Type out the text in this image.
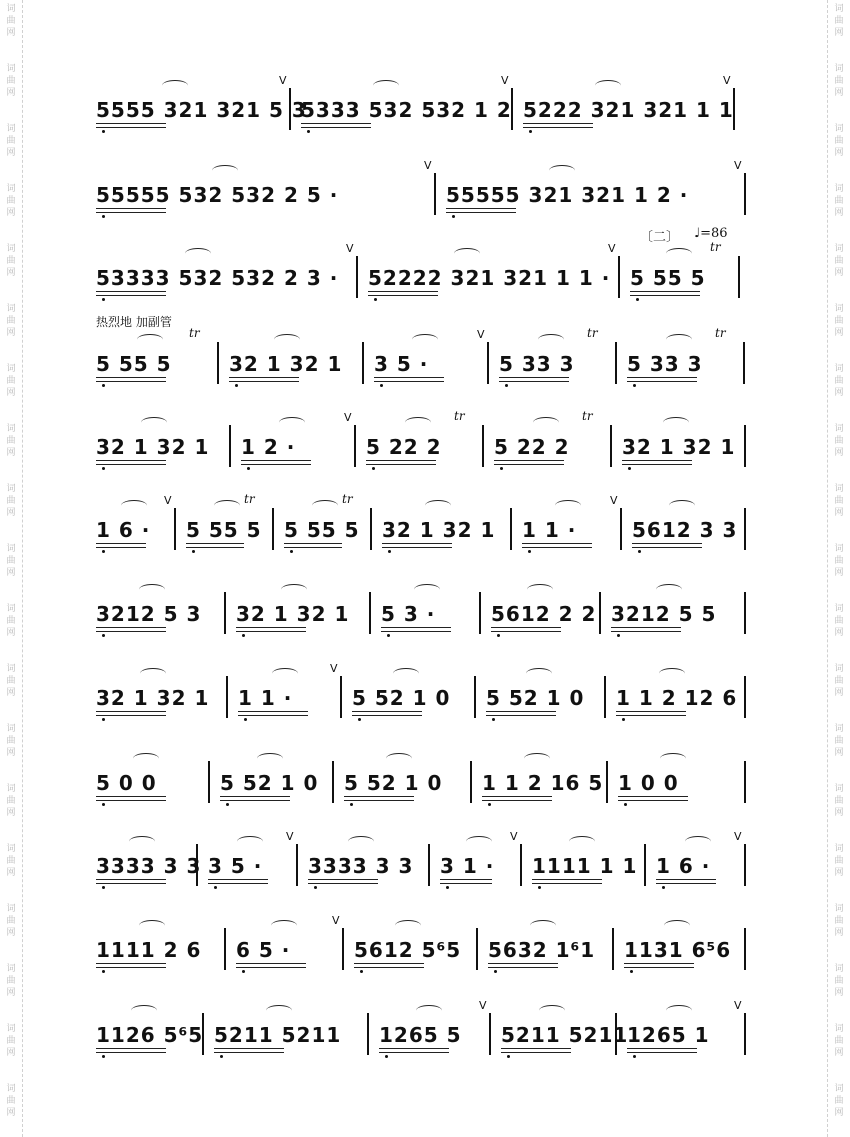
词
曲
网
词
曲
网
词
曲
网
词
曲
网
词
曲
网
词
曲
网
词
曲
网
词
曲
网
词
曲
网
词
曲
网
词
曲
网
词
曲
网
词
曲
网
词
曲
网
词
曲
网
词
曲
网
词
曲
网
词
曲
网
词
曲
网
词
曲
网
词
曲
网
词
曲
网
词
曲
网
词
曲
网
词
曲
网
词
曲
网
词
曲
网
词
曲
网
词
曲
网
词
曲
网
词
曲
网
词
曲
网
词
曲
网
词
曲
网
词
曲
网
词
曲
网
词
曲
网
词
曲
网
〔二〕 ♩=86
热烈地 加副管
5555 321 321 5 3
V
5333 532 532 1 2
V
5222 321 321 1 1
V
55555 532 532 2 5 ·
V
55555 321 321 1 2 ·
V
53333 532 532 2 3 ·
V
52222 321 321 1 1 ·
V
5 55 5
tr
5 55 5
tr
32 1 32 1 3 5 ·
V
5 33 3
tr
5 33 3
tr
32 1 32 1 1 2 ·
V
5 22 2
tr
5 22 2
tr
32 1 32 1
1 6 ·
V
5 55 5
tr
5 55 5
tr
32 1 32 1 1 1 ·
V
5612 3 3
3212 5 3 32 1 32 1 5 3 ·	5612 2 2 3212 5 5
32 1 32 1 1 1 ·
V
5 52 1 0 5 52 1 0 1 1 2 12 6
5 0 0	5 52 1 0 5 52 1 0 1 1 2 16 5 1 0 0
3333 3 3 3 5 ·
V
3333 3 3 3 1 ·
V
1111 1 1 1 6 ·
V
1111 2 6 6 5 ·
V
5612 5⁶5 5632 1⁶1 1131 6⁵6
1126 5⁶5 5211 5211 1265 5
V
5211 5211
1265 1
V
